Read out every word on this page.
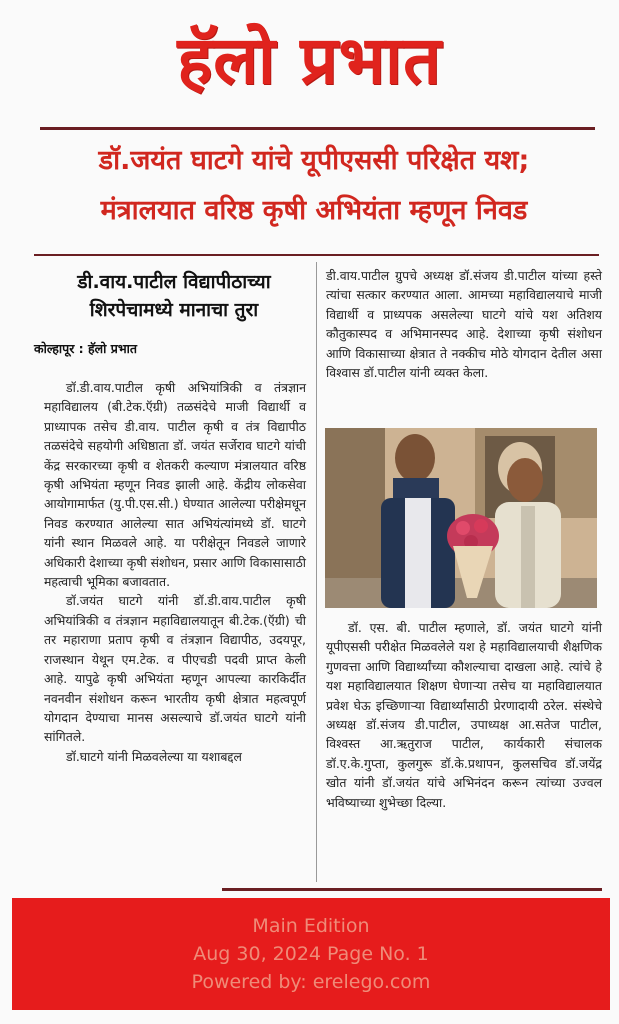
हॅलो प्रभात
डॉ.जयंत घाटगे यांचे यूपीएससी परिक्षेत यश;
मंत्रालयात वरिष्ठ कृषी अभियंता म्हणून निवड
डी.वाय.पाटील विद्यापीठाच्या
शिरपेचामध्ये मानाचा तुरा
कोल्हापूर : हॅलो प्रभात

डॉ.डी.वाय.पाटील कृषी अभियांत्रिकी व तंत्रज्ञान महाविद्यालय (बी.टेक.ऍग्री) तळसंदेचे माजी विद्यार्थी व प्राध्यापक तसेच डी.वाय. पाटील कृषी व तंत्र विद्यापीठ तळसंदेचे सहयोगी अधिष्ठाता डॉ. जयंत सर्जेराव घाटगे यांची केंद्र सरकारच्या कृषी व शेतकरी कल्याण मंत्रालयात वरिष्ठ कृषी अभियंता म्हणून निवड झाली आहे. केंद्रीय लोकसेवा आयोगामार्फत (यु.पी.एस.सी.) घेण्यात आलेल्या परीक्षेमधून निवड करण्यात आलेल्या सात अभियंत्यांमध्ये डॉ. घाटगे यांनी स्थान मिळवले आहे. या परीक्षेतून निवडले जाणारे अधिकारी देशाच्या कृषी संशोधन, प्रसार आणि विकासासाठी महत्वाची भूमिका बजावतात.

डॉ.जयंत घाटगे यांनी डॉ.डी.वाय.पाटील कृषी अभियांत्रिकी व तंत्रज्ञान महाविद्यालयातून बी.टेक.(ऍग्री) ची तर महाराणा प्रताप कृषी व तंत्रज्ञान विद्यापीठ, उदयपूर, राजस्थान येथून एम.टेक. व पीएचडी पदवी प्राप्त केली आहे. यापुढे कृषी अभियंता म्हणून आपल्या कारकिर्दीत नवनवीन संशोधन करून भारतीय कृषी क्षेत्रात महत्वपूर्ण योगदान देण्याचा मानस असल्याचे डॉ.जयंत घाटगे यांनी सांगितले.

डॉ.घाटगे यांनी मिळवलेल्या या यशाबद्दल

डी.वाय.पाटील ग्रुपचे अध्यक्ष डॉ.संजय डी.पाटील यांच्या हस्ते त्यांचा सत्कार करण्यात आला. आमच्या महाविद्यालयाचे माजी विद्यार्थी व प्राध्यपक असलेल्या घाटगे यांचे यश अतिशय कौतुकास्पद व अभिमानस्पद आहे. देशाच्या कृषी संशोधन आणि विकासाच्या क्षेत्रात ते नक्कीच मोठे योगदान देतील असा विश्वास डॉ.पाटील यांनी व्यक्त केला.

डॉ. एस. बी. पाटील म्हणाले, डॉ. जयंत घाटगे यांनी यूपीएससी परीक्षेत मिळवलेले यश हे महाविद्यालयाची शैक्षणिक गुणवत्ता आणि विद्यार्थ्यांच्या कौशल्याचा दाखला आहे. त्यांचे हे यश महाविद्यालयात शिक्षण घेणाऱ्या तसेच या महाविद्यालयात प्रवेश घेऊ इच्छिणाऱ्या विद्यार्थ्यांसाठी प्रेरणादायी ठरेल. संस्थेचे अध्यक्ष डॉ.संजय डी.पाटील, उपाध्यक्ष आ.सतेज पाटील, विश्वस्त आ.ऋतुराज पाटील, कार्यकारी संचालक डॉ.ए.के.गुप्ता, कुलगुरू डॉ.के.प्रथापन, कुलसचिव डॉ.जयेंद्र खोत यांनी डॉ.जयंत यांचे अभिनंदन करून त्यांच्या उज्वल भविष्याच्या शुभेच्छा दिल्या.

Main Edition
Aug 30, 2024 Page No. 1
Powered by: erelego.com
